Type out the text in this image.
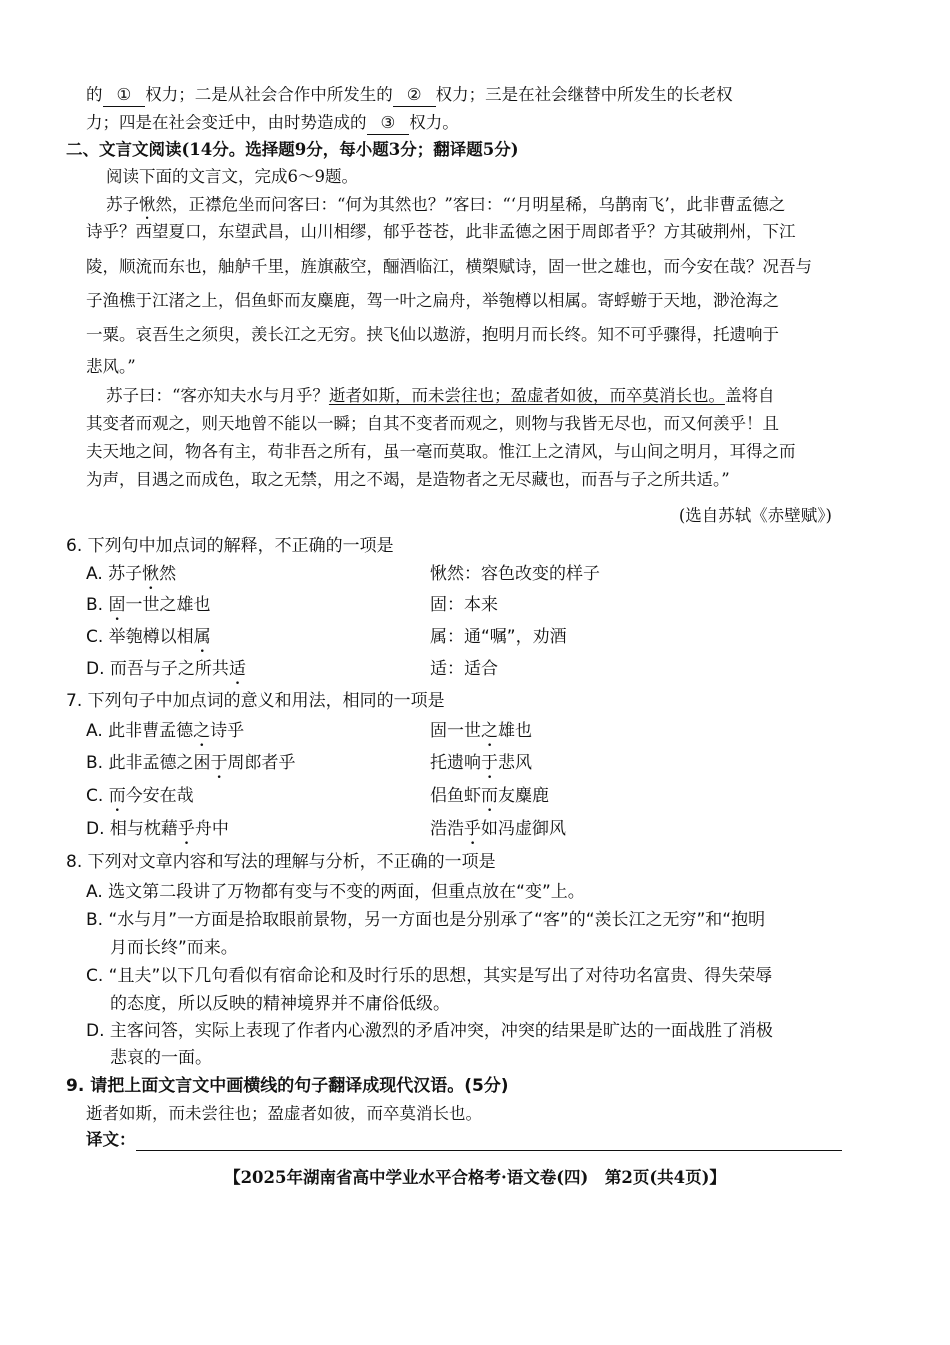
的 ① 权力；二是从社会合作中所发生的 ② 权力；三是在社会继替中所发生的长老权
力；四是在社会变迁中，由时势造成的 ③ 权力。
二、文言文阅读(14分。选择题9分，每小题3分；翻译题5分)
阅读下面的文言文，完成6～9题。
苏子愀然，正襟危坐而问客曰：“何为其然也？”客曰：“‘月明星稀，乌鹊南飞’，此非曹孟德之
诗乎？西望夏口，东望武昌，山川相缪，郁乎苍苍，此非孟德之困于周郎者乎？方其破荆州，下江
陵，顺流而东也，舳舻千里，旌旗蔽空，酾酒临江，横槊赋诗，固一世之雄也，而今安在哉？况吾与
子渔樵于江渚之上，侣鱼虾而友麋鹿，驾一叶之扁舟，举匏樽以相属。寄蜉蝣于天地，渺沧海之
一粟。哀吾生之须臾，羡长江之无穷。挟飞仙以遨游，抱明月而长终。知不可乎骤得，托遗响于
悲风。”
苏子曰：“客亦知夫水与月乎？逝者如斯，而未尝往也；盈虚者如彼，而卒莫消长也。盖将自
其变者而观之，则天地曾不能以一瞬；自其不变者而观之，则物与我皆无尽也，而又何羡乎！且
夫天地之间，物各有主，苟非吾之所有，虽一毫而莫取。惟江上之清风，与山间之明月，耳得之而
为声，目遇之而成色，取之无禁，用之不竭，是造物者之无尽藏也，而吾与子之所共适。”
(选自苏轼《赤壁赋》)
6. 下列句中加点词的解释，不正确的一项是
A. 苏子愀然	愀然：容色改变的样子
B. 固一世之雄也	固：本来
C. 举匏樽以相属	属：通“嘱”，劝酒
D. 而吾与子之所共适	适：适合
7. 下列句子中加点词的意义和用法，相同的一项是
A. 此非曹孟德之诗乎	固一世之雄也
B. 此非孟德之困于周郎者乎	托遗响于悲风
C. 而今安在哉	侣鱼虾而友麋鹿
D. 相与枕藉乎舟中	浩浩乎如冯虚御风
8. 下列对文章内容和写法的理解与分析，不正确的一项是
A. 选文第二段讲了万物都有变与不变的两面，但重点放在“变”上。
B. “水与月”一方面是拾取眼前景物，另一方面也是分别承了“客”的“羡长江之无穷”和“抱明
月而长终”而来。
C. “且夫”以下几句看似有宿命论和及时行乐的思想，其实是写出了对待功名富贵、得失荣辱
的态度，所以反映的精神境界并不庸俗低级。
D. 主客问答，实际上表现了作者内心激烈的矛盾冲突，冲突的结果是旷达的一面战胜了消极
悲哀的一面。
9. 请把上面文言文中画横线的句子翻译成现代汉语。(5分)
逝者如斯，而未尝往也；盈虚者如彼，而卒莫消长也。
译文：
【2025年湖南省高中学业水平合格考·语文卷(四)　第2页(共4页)】
